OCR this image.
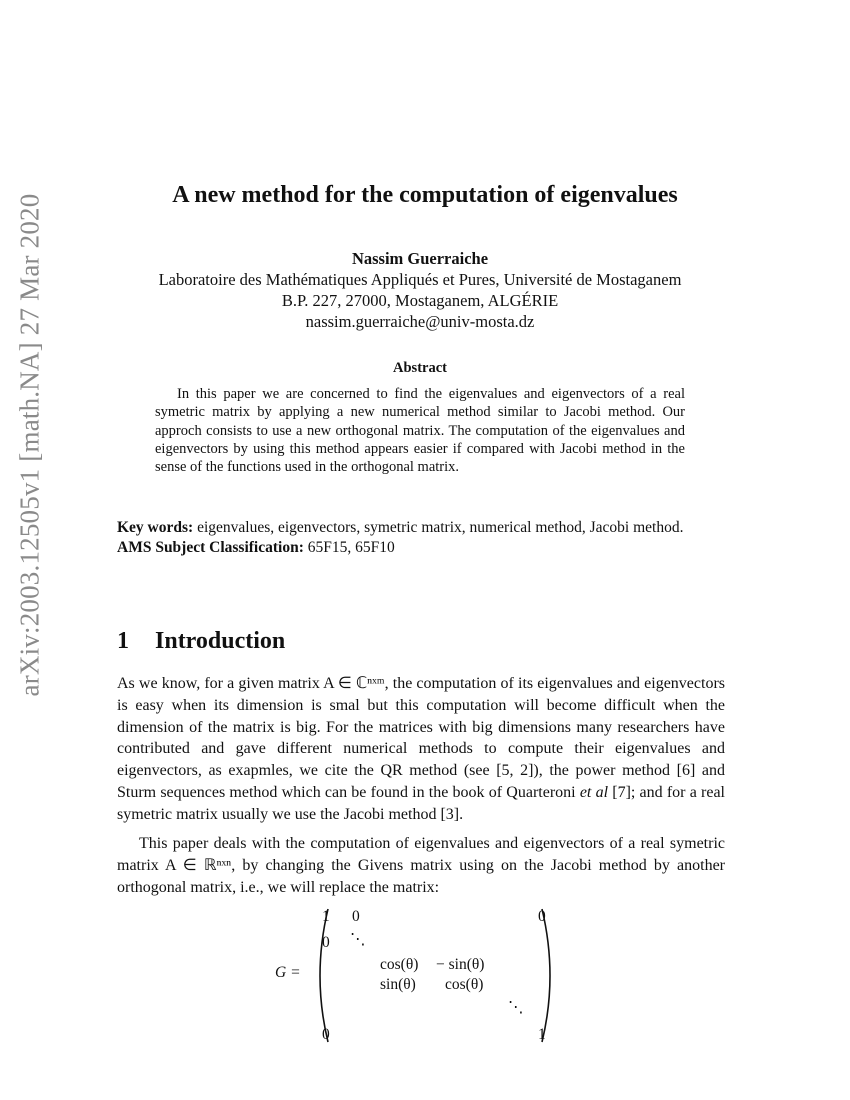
arXiv:2003.12505v1 [math.NA] 27 Mar 2020	A new method for the computation of eigenvalues
Nassim Guerraiche
Laboratoire des Mathématiques Appliqués et Pures, Université de Mostaganem
B.P. 227, 27000, Mostaganem, ALGÉRIE
nassim.guerraiche@univ-mosta.dz
Abstract
In this paper we are concerned to find the eigenvalues and eigenvectors of a real symetric matrix by applying a new numerical method similar to Jacobi method. Our approch consists to use a new orthogonal matrix. The computation of the eigenvalues and eigenvectors by using this method appears easier if compared with Jacobi method in the sense of the functions used in the orthogonal matrix.
Key words: eigenvalues, eigenvectors, symetric matrix, numerical method, Jacobi method.
AMS Subject Classification: 65F15, 65F10
1 Introduction
As we know, for a given matrix A ∈ ℂⁿˣᵐ, the computation of its eigenvalues and eigenvectors is easy when its dimension is smal but this computation will become difficult when the dimension of the matrix is big. For the matrices with big dimensions many researchers have contributed and gave different numerical methods to compute their eigenvalues and eigenvectors, as exapmles, we cite the QR method (see [5, 2]), the power method [6] and Sturm sequences method which can be found in the book of Quarteroni et al [7]; and for a real symetric matrix usually we use the Jacobi method [3].
This paper deals with the computation of eigenvalues and eigenvectors of a real symetric matrix A ∈ ℝⁿˣⁿ, by changing the Givens matrix using on the Jacobi method by another orthogonal matrix, i.e., we will replace the matrix:
G =
1 0	0
0 ⋱
cos(θ) − sin(θ)
sin(θ) cos(θ)
⋱
0	1
